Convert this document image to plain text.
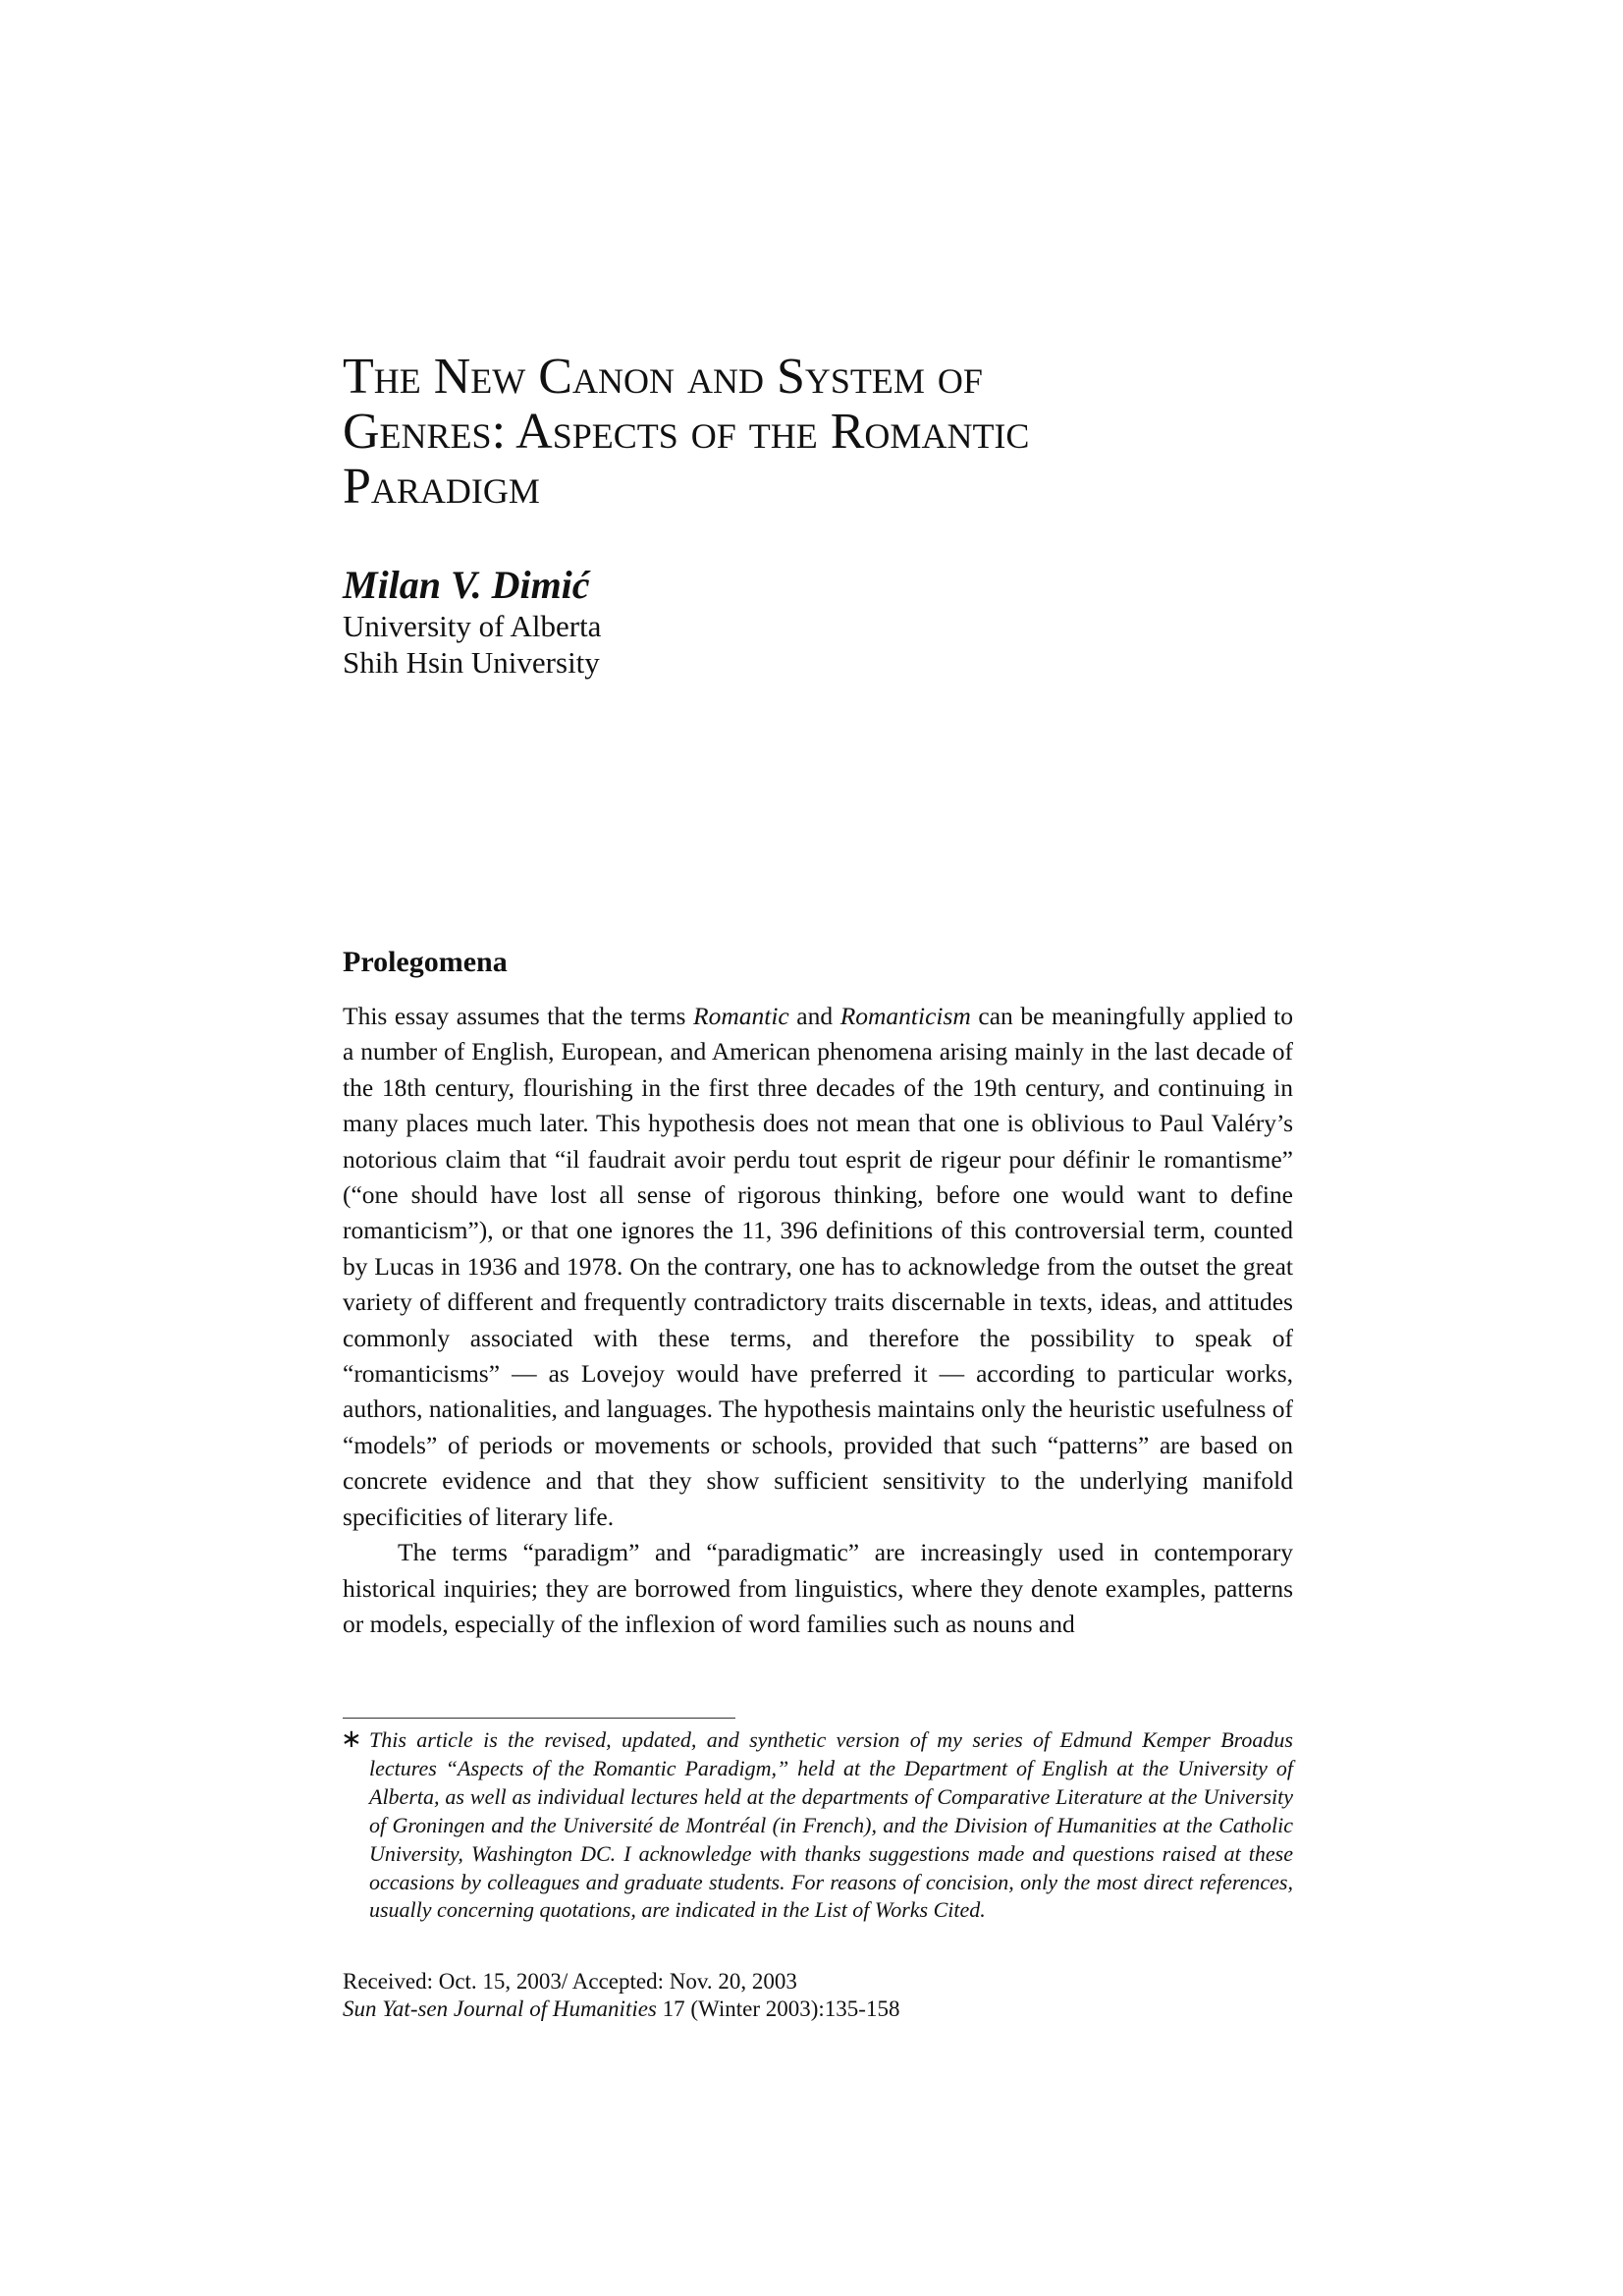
The New Canon and System of
Genres: Aspects of the Romantic
Paradigm
Milan V. Dimić
University of Alberta
Shih Hsin University
Prolegomena

This essay assumes that the terms Romantic and Romanticism can be meaningfully applied to a number of English, European, and American phenomena arising mainly in the last decade of the 18th century, flourishing in the first three decades of the 19th century, and continuing in many places much later. This hypothesis does not mean that one is oblivious to Paul Valéry’s notorious claim that “il faudrait avoir perdu tout esprit de rigeur pour définir le romantisme” (“one should have lost all sense of rigorous thinking, before one would want to define romanticism”), or that one ignores the 11, 396 definitions of this controversial term, counted by Lucas in 1936 and 1978. On the contrary, one has to acknowledge from the outset the great variety of different and frequently contradictory traits discernable in texts, ideas, and attitudes commonly associated with these terms, and therefore the possibility to speak of “romanticisms” — as Lovejoy would have preferred it — according to particular works, authors, nationalities, and languages. The hypothesis maintains only the heuristic usefulness of “models” of periods or movements or schools, provided that such “patterns” are based on concrete evidence and that they show sufficient sensitivity to the underlying manifold specificities of literary life.

The terms “paradigm” and “paradigmatic” are increasingly used in contemporary historical inquiries; they are borrowed from linguistics, where they denote examples, patterns or models, especially of the inflexion of word families such as nouns and

∗ This article is the revised, updated, and synthetic version of my series of Edmund Kemper Broadus lectures “Aspects of the Romantic Paradigm,” held at the Department of English at the University of Alberta, as well as individual lectures held at the departments of Comparative Literature at the University of Groningen and the Université de Montréal (in French), and the Division of Humanities at the Catholic University, Washington DC. I acknowledge with thanks suggestions made and questions raised at these occasions by colleagues and graduate students. For reasons of concision, only the most direct references, usually concerning quotations, are indicated in the List of Works Cited.
Received: Oct. 15, 2003/ Accepted: Nov. 20, 2003
Sun Yat-sen Journal of Humanities 17 (Winter 2003):135-158
